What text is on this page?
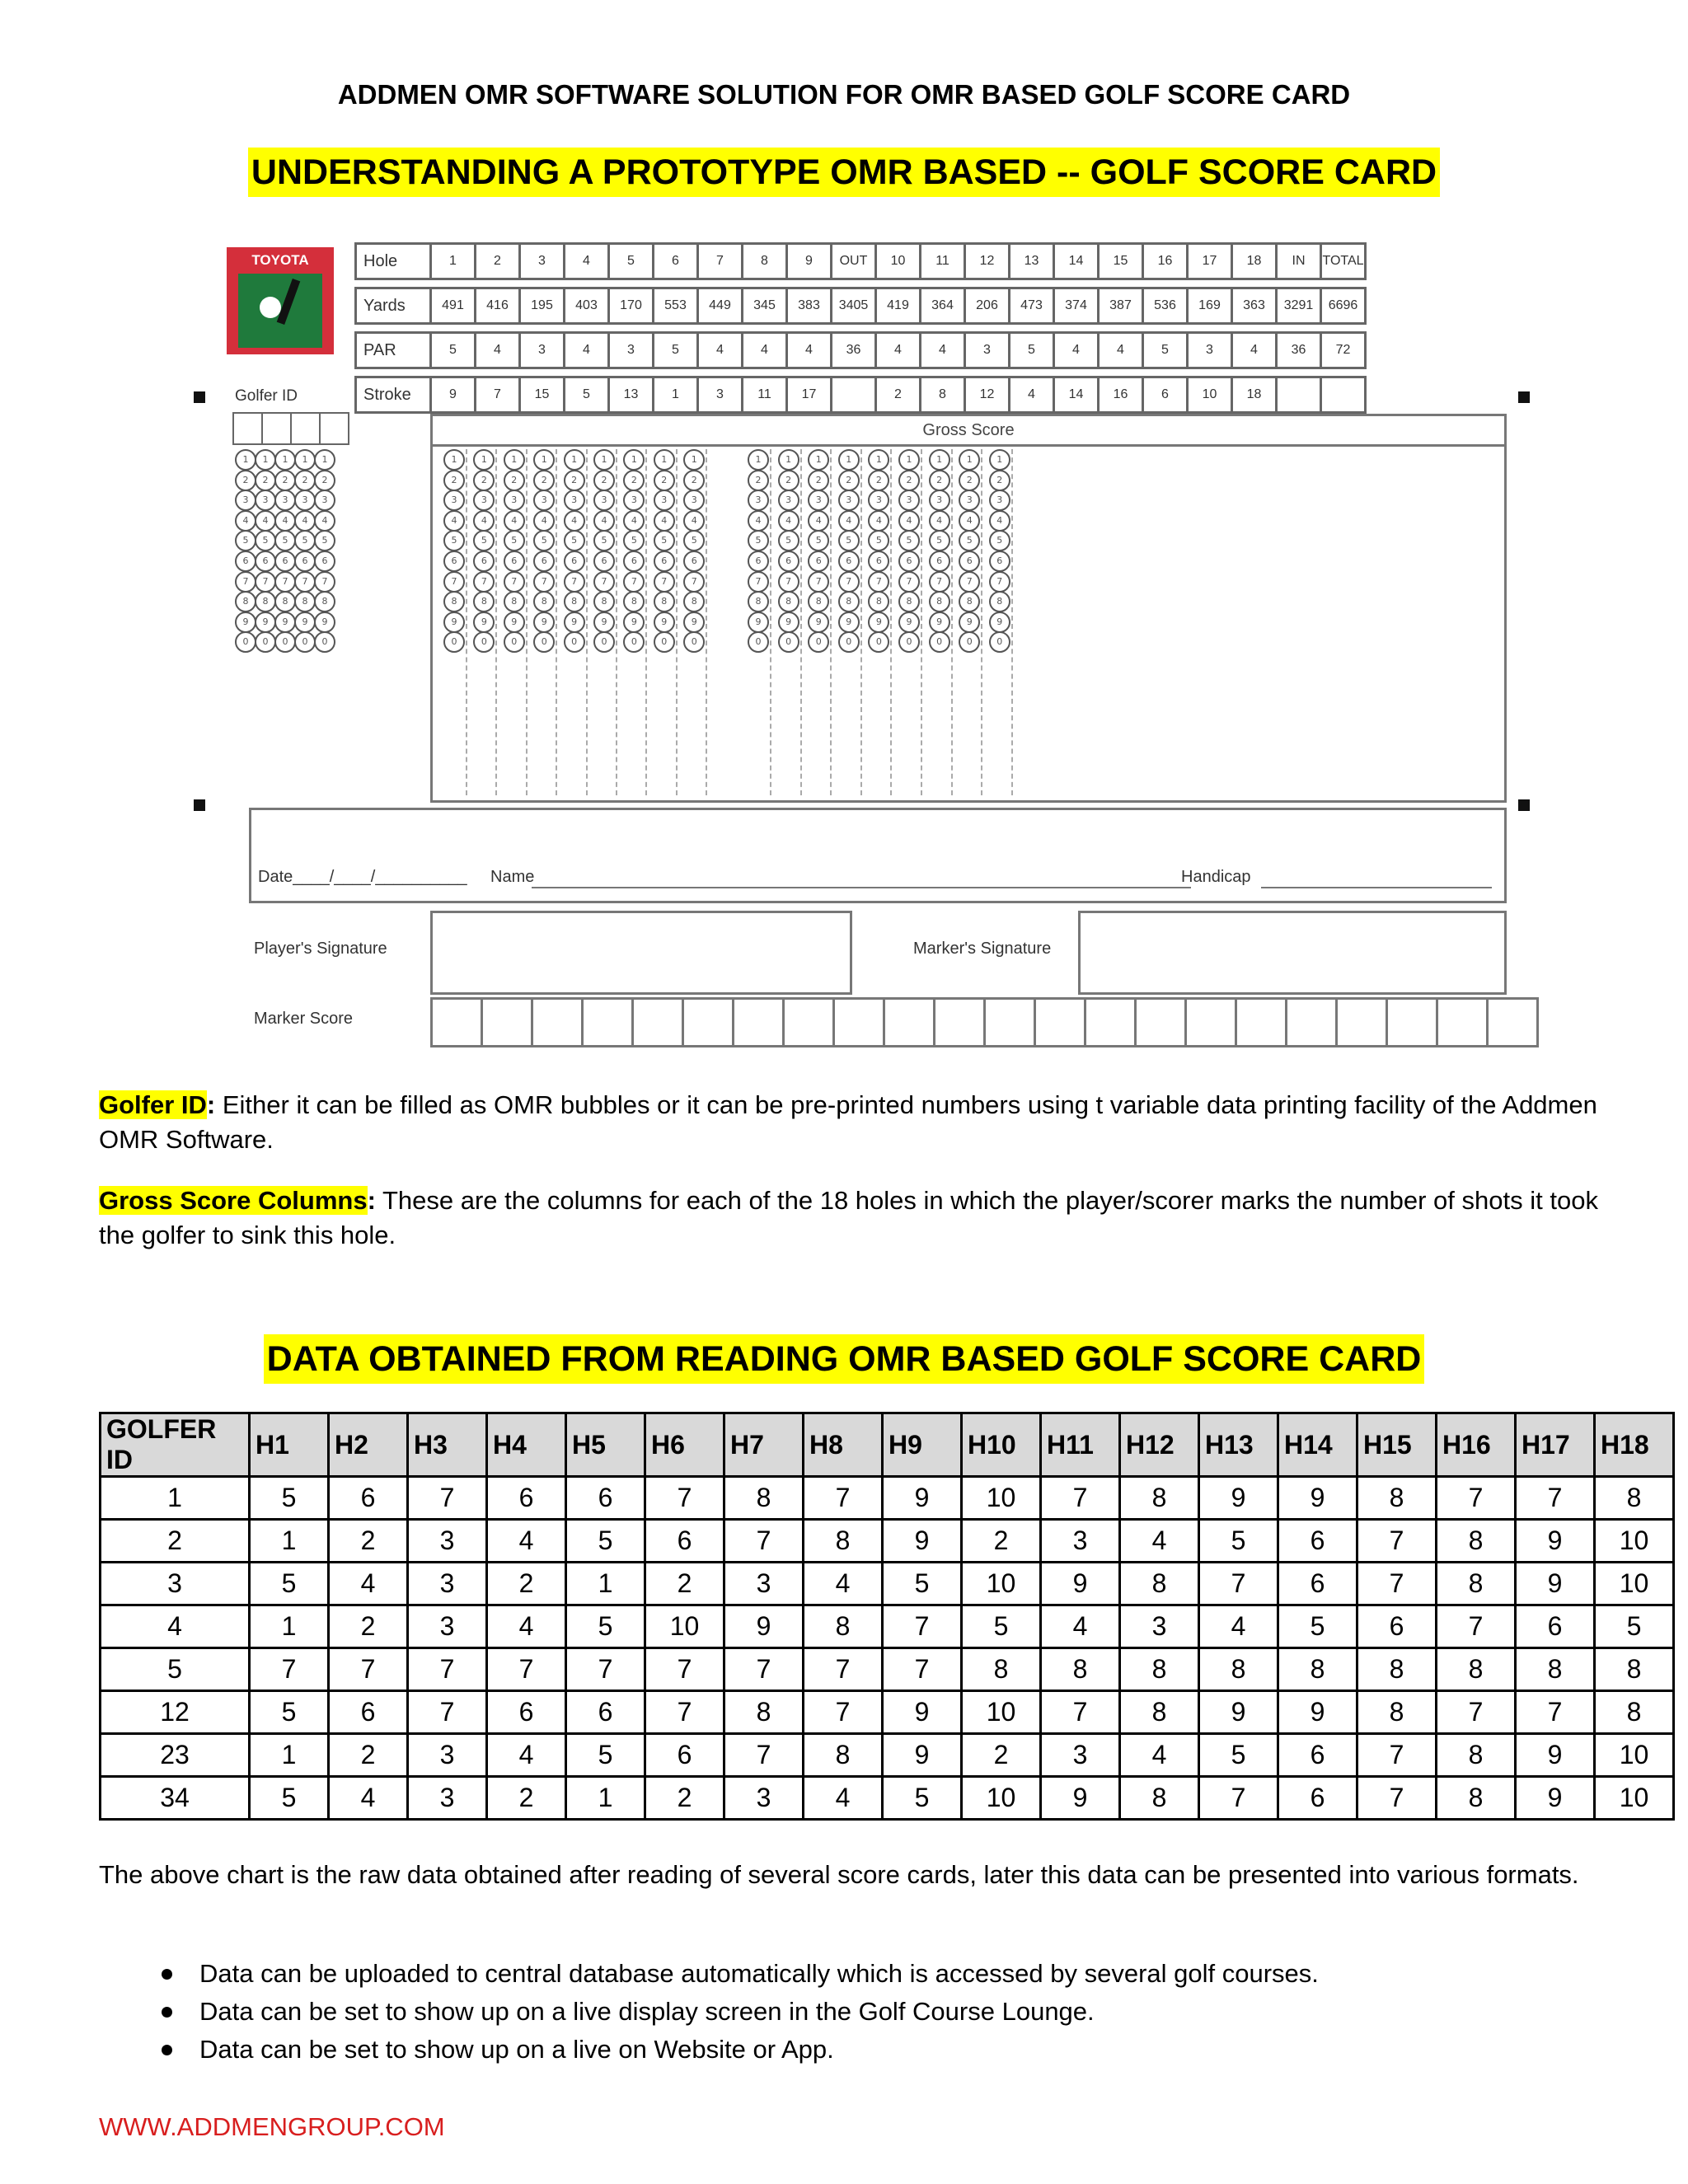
ADDMEN OMR SOFTWARE SOLUTION FOR OMR BASED GOLF SCORE CARD
UNDERSTANDING A PROTOTYPE OMR BASED -- GOLF SCORE CARD
TOYOTA	Hole	1	2	3	4	5	6	7	8	9	OUT	10	11	12	13	14	15	16	17	18	IN	TOTAL

Yards	491	416	195	403	170	553	449	345	383	3405	419	364	206	473	374	387	536	169	363	3291	6696

PAR	5	4	3	4	3	5	4	4	4	36	4	4	3	5	4	4	5	3	4	36	72

Stroke	9	7	15	5	13	1	3	11	17		2	8	12	4	14	16	6	10	18		
Golfer ID
Gross Score
1
2
3
4
5
6
7
8
9
0
1
2
3
4
5
6
7
8
9
0
1
2
3
4
5
6
7
8
9
0
1
2
3
4
5
6
7
8
9
0
1
2
3
4
5
6
7
8
9
0
1
2
3
4
5
6
7
8
9
0
1
2
3
4
5
6
7
8
9
0
1
2
3
4
5
6
7
8
9
0
1
2
3
4
5
6
7
8
9
0
1
2
3
4
5
6
7
8
9
0
1
2
3
4
5
6
7
8
9
0
1
2
3
4
5
6
7
8
9
0
1
2
3
4
5
6
7
8
9
0
1
2
3
4
5
6
7
8
9
0
1
2
3
4
5
6
7
8
9
0
1
2
3
4
5
6
7
8
9
0
1
2
3
4
5
6
7
8
9
0
1
2
3
4
5
6
7
8
9
0
1
2
3
4
5
6
7
8
9
0
1
2
3
4
5
6
7
8
9
0
1
2
3
4
5
6
7
8
9
0
1
2
3
4
5
6
7
8
9
0
1
2
3
4
5
6
7
8
9
0
Date____/____/__________ Name	Handicap
Player's Signature	Marker's Signature
Marker Score
Golfer ID: Either it can be filled as OMR bubbles or it can be pre-printed numbers using t variable data printing facility of the Addmen OMR Software.
Gross Score Columns: These are the columns for each of the 18 holes in which the player/scorer marks the number of shots it took the golfer to sink this hole.
DATA OBTAINED FROM READING OMR BASED GOLF SCORE CARD
GOLFER ID	H1	H2	H3	H4	H5	H6	H7	H8	H9	H10	H11	H12	H13	H14	H15	H16	H17	H18
1	5	6	7	6	6	7	8	7	9	10	7	8	9	9	8	7	7	8
2	1	2	3	4	5	6	7	8	9	2	3	4	5	6	7	8	9	10
3	5	4	3	2	1	2	3	4	5	10	9	8	7	6	7	8	9	10
4	1	2	3	4	5	10	9	8	7	5	4	3	4	5	6	7	6	5
5	7	7	7	7	7	7	7	7	7	8	8	8	8	8	8	8	8	8
12	5	6	7	6	6	7	8	7	9	10	7	8	9	9	8	7	7	8
23	1	2	3	4	5	6	7	8	9	2	3	4	5	6	7	8	9	10
34	5	4	3	2	1	2	3	4	5	10	9	8	7	6	7	8	9	10
The above chart is the raw data obtained after reading of several score cards, later this data can be presented into various formats.
Data can be uploaded to central database automatically which is accessed by several golf courses.
Data can be set to show up on a live display screen in the Golf Course Lounge.
Data can be set to show up on a live on Website or App.
WWW.ADDMENGROUP.COM
